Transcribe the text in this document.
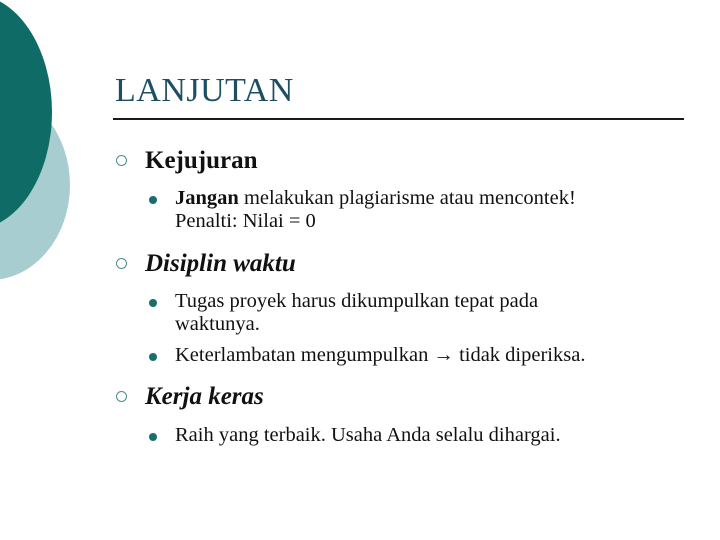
LANJUTAN
Kejujuran
Jangan melakukan plagiarisme atau mencontek!
Penalti: Nilai = 0
Disiplin waktu
Tugas proyek harus dikumpulkan tepat pada
waktunya.
Keterlambatan mengumpulkan → tidak diperiksa.
Kerja keras
Raih yang terbaik. Usaha Anda selalu dihargai.
